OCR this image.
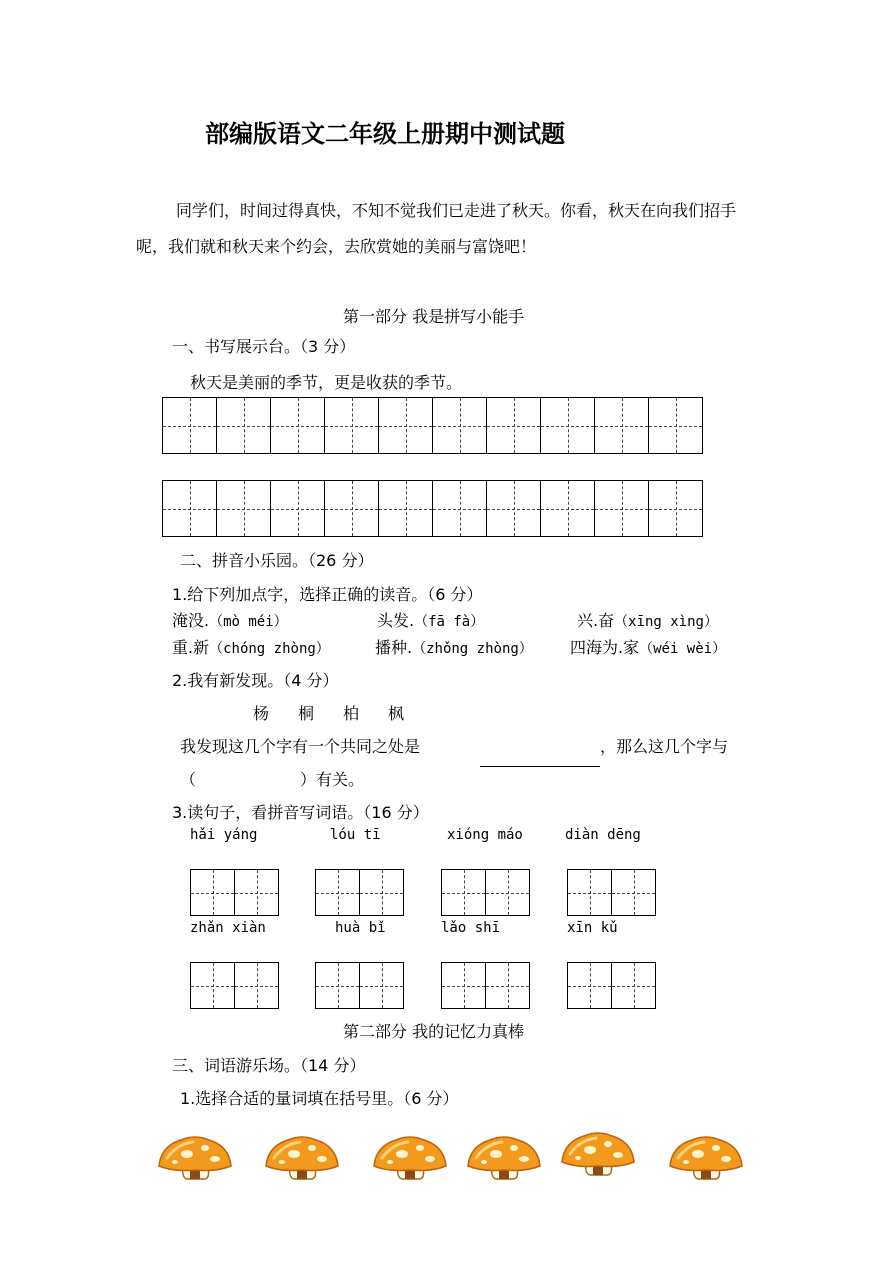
部编版语文二年级上册期中测试题
同学们，时间过得真快，不知不觉我们已走进了秋天。你看，秋天在向我们招手呢，我们就和秋天来个约会，去欣赏她的美丽与富饶吧！
第一部分 我是拼写小能手
一、书写展示台。（3 分）
秋天是美丽的季节，更是收获的季节。
二、拼音小乐园。（26 分）
1.给下列加点字，选择正确的读音。（6 分）
淹没.（mò méi）	头发.（fā fà）	兴.奋（xīng xìng）
重.新（chóng zhòng）	播种.（zhǒng zhòng） 四海为.家（wéi wèi）
2.我有新发现。（4 分）
杨 桐 柏 枫
我发现这几个字有一个共同之处是	，那么这几个字与
（	）有关。
3.读句子，看拼音写词语。（16 分）
hǎi yáng	lóu tī	xióng máo	diàn dēng
zhǎn xiàn	huà bǐ	lǎo shī	xīn kǔ
第二部分 我的记忆力真棒
三、词语游乐场。（14 分）
1.选择合适的量词填在括号里。（6 分）
